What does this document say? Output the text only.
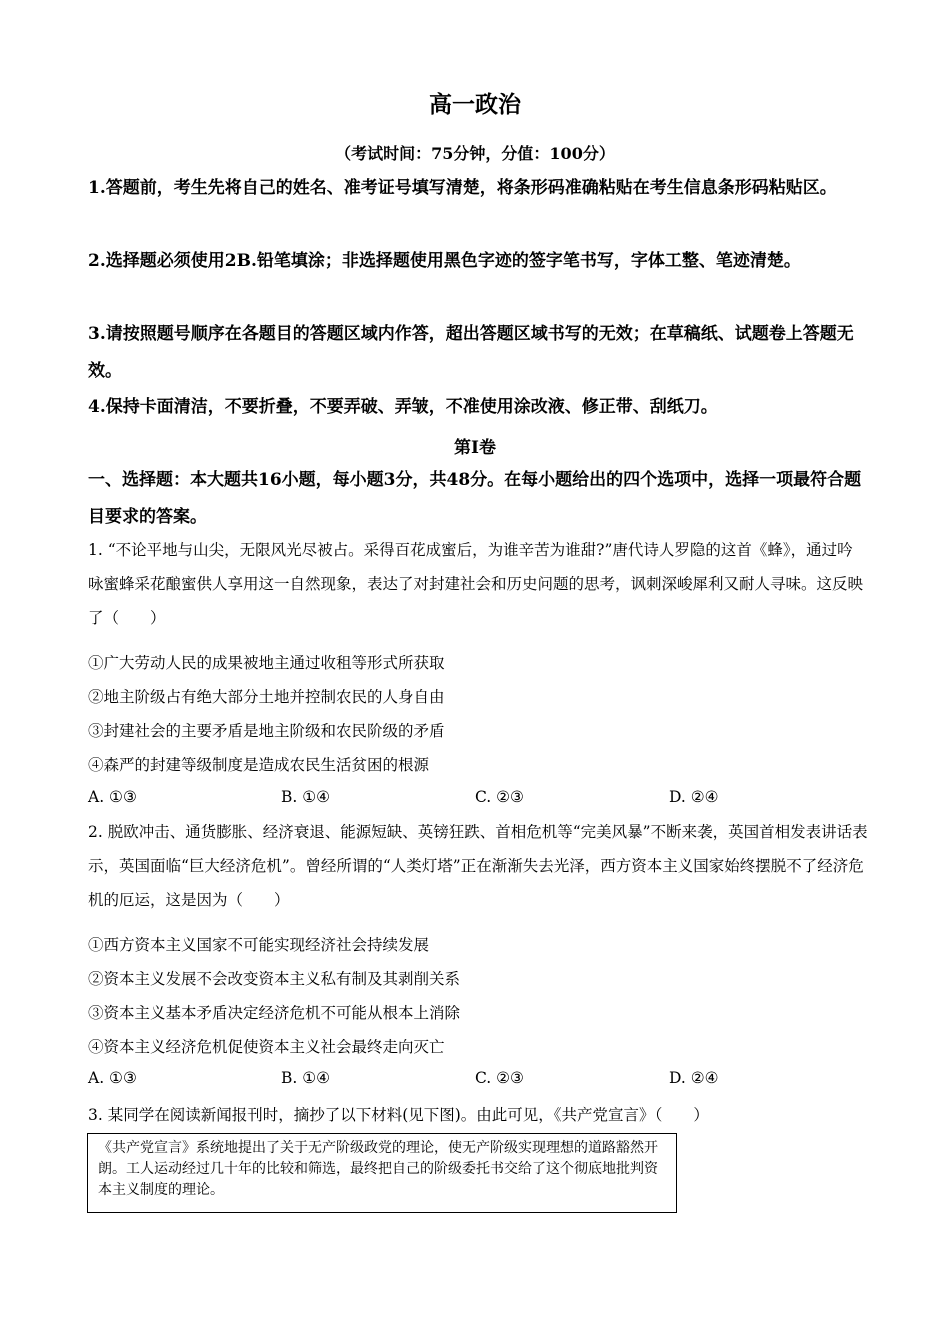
高一政治
（考试时间：75分钟，分值：100分）
1.答题前，考生先将自己的姓名、准考证号填写清楚，将条形码准确粘贴在考生信息条形码粘贴区。
2.选择题必须使用2B.铅笔填涂；非选择题使用黑色字迹的签字笔书写，字体工整、笔迹清楚。
3.请按照题号顺序在各题目的答题区域内作答，超出答题区域书写的无效；在草稿纸、试题卷上答题无效。
4.保持卡面清洁，不要折叠，不要弄破、弄皱，不准使用涂改液、修正带、刮纸刀。
第Ⅰ卷
一、选择题：本大题共16小题，每小题3分，共48分。在每小题给出的四个选项中，选择一项最符合题目要求的答案。
1. “不论平地与山尖，无限风光尽被占。采得百花成蜜后，为谁辛苦为谁甜?”唐代诗人罗隐的这首《蜂》，通过吟咏蜜蜂采花酿蜜供人享用这一自然现象，表达了对封建社会和历史问题的思考，讽刺深峻犀利又耐人寻味。这反映了（　　）
①广大劳动人民的成果被地主通过收租等形式所获取
②地主阶级占有绝大部分土地并控制农民的人身自由
③封建社会的主要矛盾是地主阶级和农民阶级的矛盾
④森严的封建等级制度是造成农民生活贫困的根源
A. ①③	B. ①④	C. ②③	D. ②④
2. 脱欧冲击、通货膨胀、经济衰退、能源短缺、英镑狂跌、首相危机等“完美风暴”不断来袭，英国首相发表讲话表示，英国面临“巨大经济危机”。曾经所谓的“人类灯塔”正在渐渐失去光泽，西方资本主义国家始终摆脱不了经济危机的厄运，这是因为（　　）
①西方资本主义国家不可能实现经济社会持续发展
②资本主义发展不会改变资本主义私有制及其剥削关系
③资本主义基本矛盾决定经济危机不可能从根本上消除
④资本主义经济危机促使资本主义社会最终走向灭亡
A. ①③	B. ①④	C. ②③	D. ②④
3. 某同学在阅读新闻报刊时，摘抄了以下材料(见下图)。由此可见，《共产党宣言》（　　）
《共产党宣言》系统地提出了关于无产阶级政党的理论，使无产阶级实现理想的道路豁然开朗。工人运动经过几十年的比较和筛选，最终把自己的阶级委托书交给了这个彻底地批判资本主义制度的理论。
